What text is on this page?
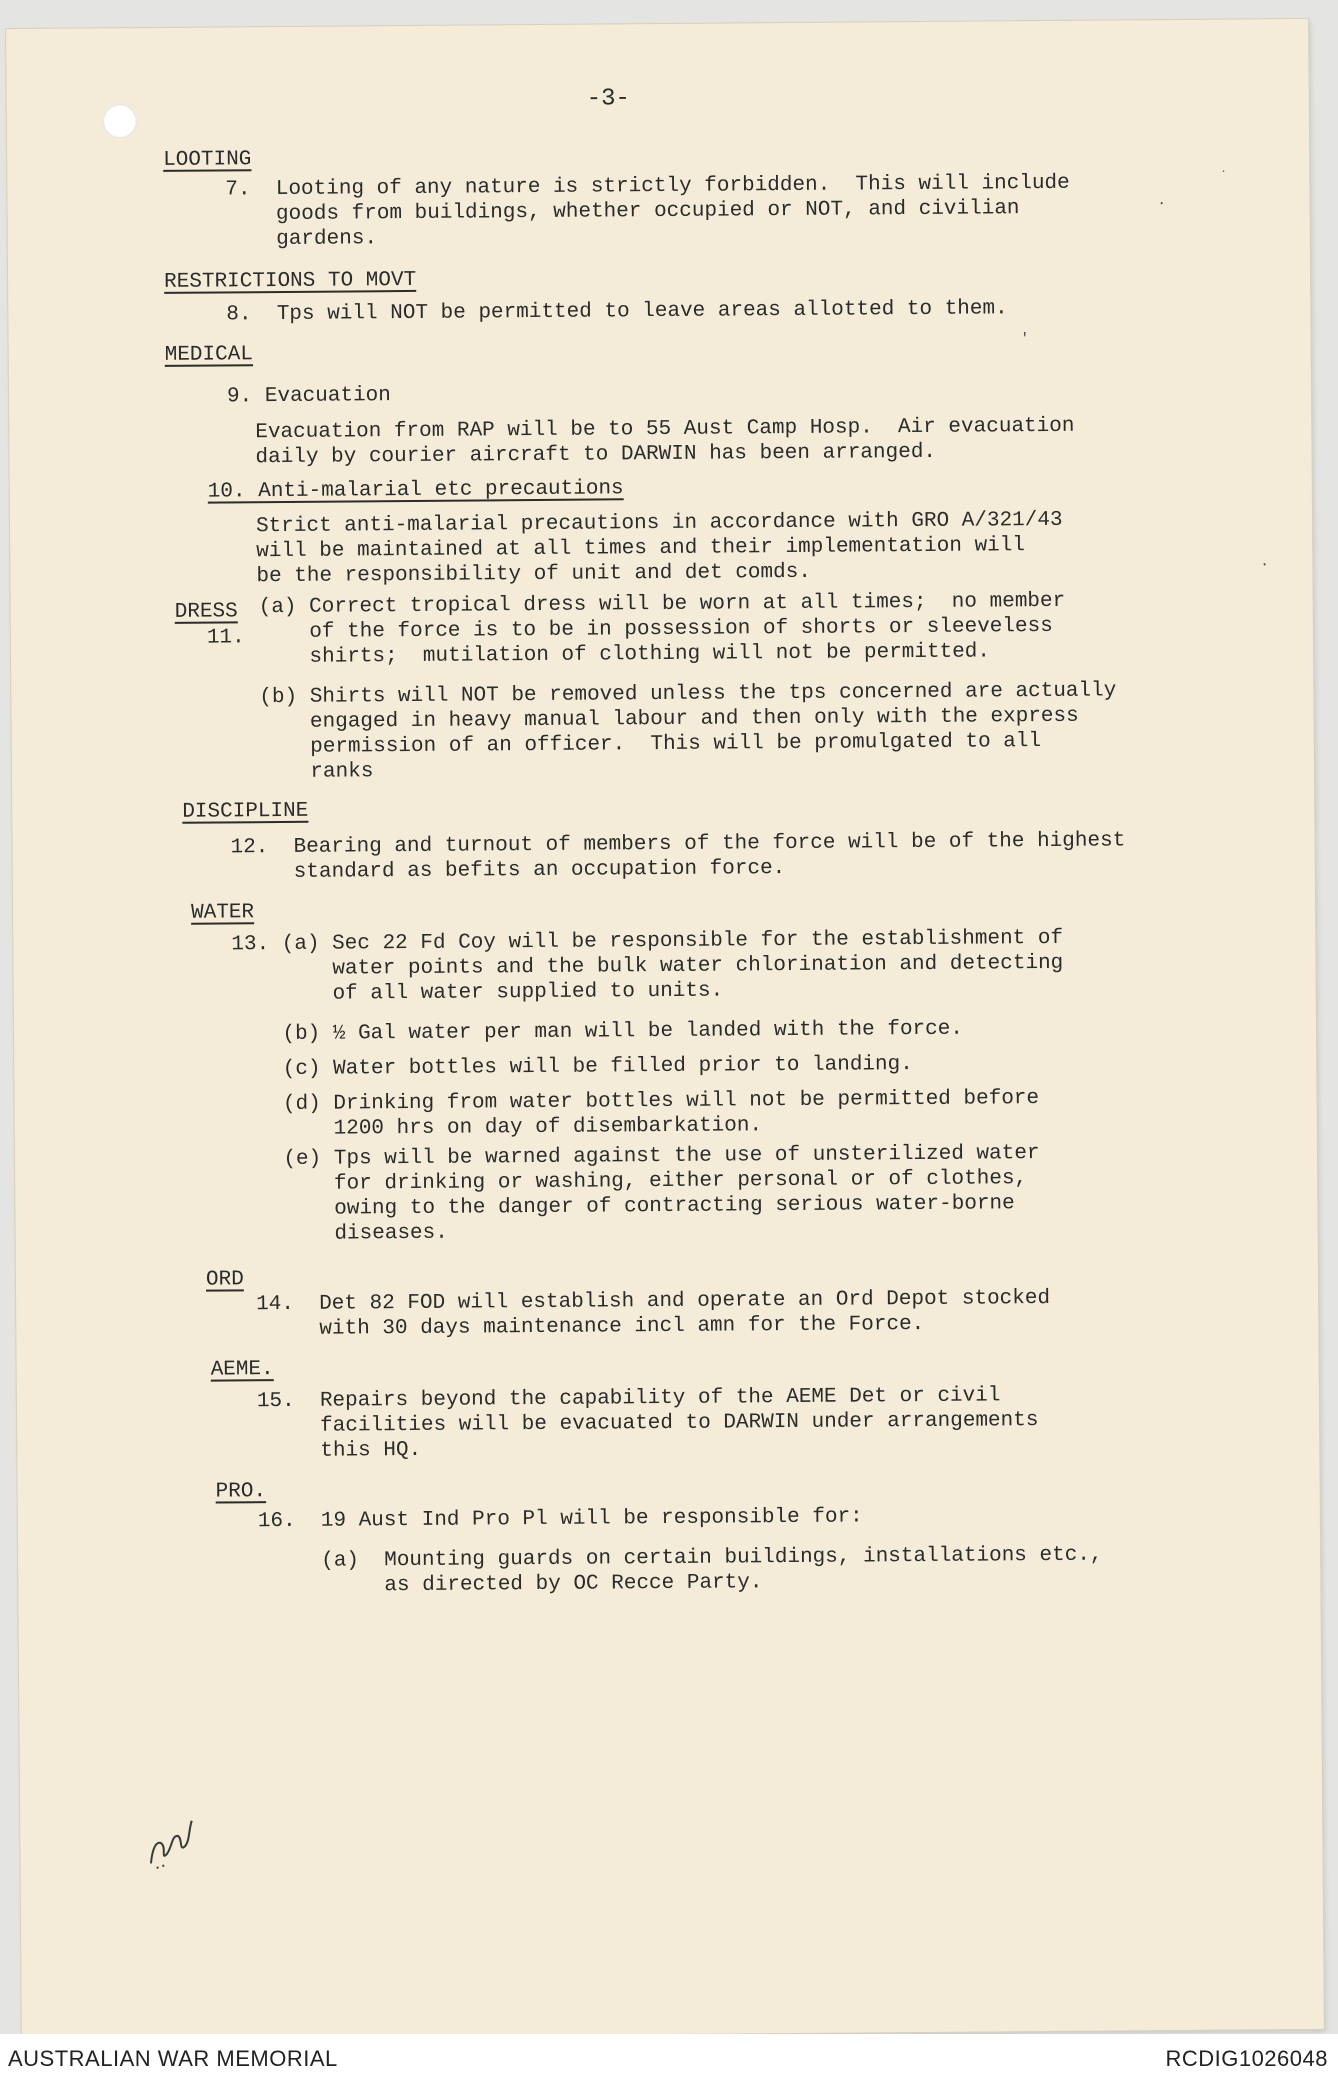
-3-
LOOTING
7.  Looting of any nature is strictly forbidden.  This will include
goods from buildings, whether occupied or NOT, and civilian
gardens.
RESTRICTIONS TO MOVT
8.  Tps will NOT be permitted to leave areas allotted to them.
MEDICAL
9. Evacuation
Evacuation from RAP will be to 55 Aust Camp Hosp.  Air evacuation
daily by courier aircraft to DARWIN has been arranged.
10. Anti-malarial etc precautions
Strict anti-malarial precautions in accordance with GRO A/321/43
will be maintained at all times and their implementation will
be the responsibility of unit and det comds.
DRESS
11.
(a) Correct tropical dress will be worn at all times;  no member
of the force is to be in possession of shorts or sleeveless
shirts;  mutilation of clothing will not be permitted.
(b) Shirts will NOT be removed unless the tps concerned are actually
engaged in heavy manual labour and then only with the express
permission of an officer.  This will be promulgated to all
ranks
DISCIPLINE
12.  Bearing and turnout of members of the force will be of the highest
standard as befits an occupation force.
WATER
13. (a) Sec 22 Fd Coy will be responsible for the establishment of
water points and the bulk water chlorination and detecting
of all water supplied to units.
(b) ½ Gal water per man will be landed with the force.
(c) Water bottles will be filled prior to landing.
(d) Drinking from water bottles will not be permitted before
1200 hrs on day of disembarkation.
(e) Tps will be warned against the use of unsterilized water
for drinking or washing, either personal or of clothes,
owing to the danger of contracting serious water-borne
diseases.
ORD
14.  Det 82 FOD will establish and operate an Ord Depot stocked
with 30 days maintenance incl amn for the Force.
AEME.
15.  Repairs beyond the capability of the AEME Det or civil
facilities will be evacuated to DARWIN under arrangements
this HQ.
PRO.
16.  19 Aust Ind Pro Pl will be responsible for:
(a)  Mounting guards on certain buildings, installations etc.,
as directed by OC Recce Party.
˙
·
'
·
AUSTRALIAN WAR MEMORIAL	RCDIG1026048
